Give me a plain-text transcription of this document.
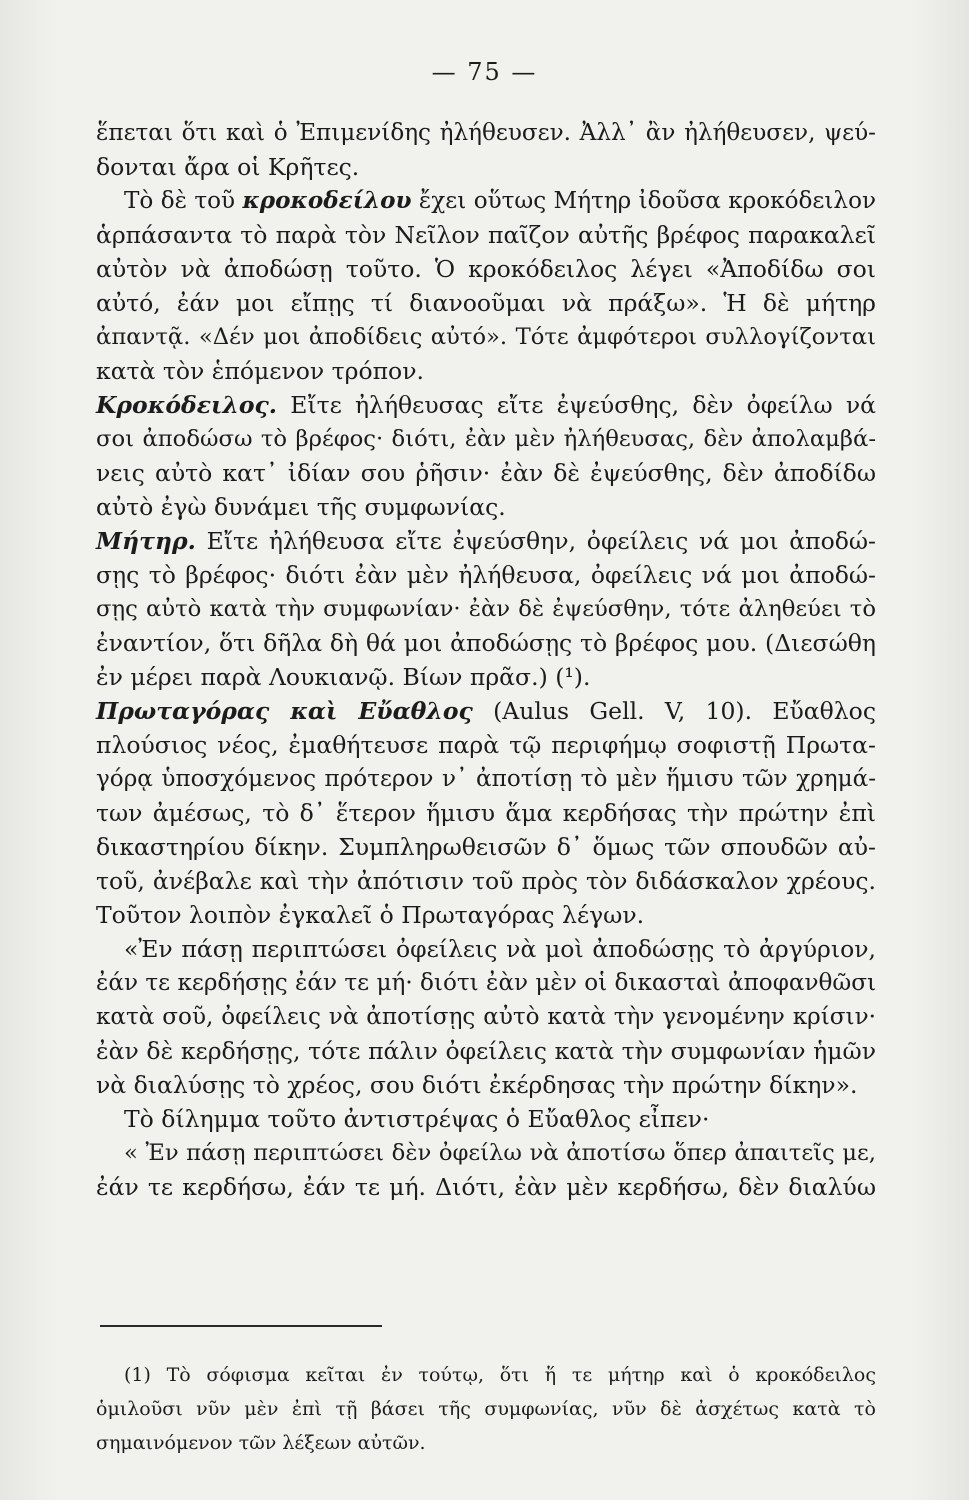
— 75 —
ἕπεται ὅτι καὶ ὁ Ἐπιμενίδης ἠλήθευσεν. Ἀλλ᾽ ἂν ἠλήθευσεν, ψεύ-
δονται ἄρα οἱ Κρῆτες.
Τὸ δὲ τοῦ κροκοδείλου ἔχει οὕτως Μήτηρ ἰδοῦσα κροκόδειλον
ἁρπάσαντα τὸ παρὰ τὸν Νεῖλον παῖζον αὐτῆς βρέφος παρακαλεῖ
αὐτὸν νὰ ἀποδώσῃ τοῦτο. Ὁ κροκόδειλος λέγει «Ἀποδίδω σοι
αὐτό, ἐάν μοι εἴπῃς τί διανοοῦμαι νὰ πράξω». Ἡ δὲ μήτηρ
ἀπαντᾷ. «Δέν μοι ἀποδίδεις αὐτό». Τότε ἀμφότεροι συλλογίζονται
κατὰ τὸν ἑπόμενον τρόπον.
Κροκόδειλος. Εἴτε ἠλήθευσας εἴτε ἐψεύσθης, δὲν ὀφείλω νά
σοι ἀποδώσω τὸ βρέφος· διότι, ἐὰν μὲν ἠλήθευσας, δὲν ἀπολαμβά-
νεις αὐτὸ κατ᾽ ἰδίαν σου ῥῆσιν· ἐὰν δὲ ἐψεύσθης, δὲν ἀποδίδω
αὐτὸ ἐγὼ δυνάμει τῆς συμφωνίας.
Μήτηρ. Εἴτε ἠλήθευσα εἴτε ἐψεύσθην, ὀφείλεις νά μοι ἀποδώ-
σῃς τὸ βρέφος· διότι ἐὰν μὲν ἠλήθευσα, ὀφείλεις νά μοι ἀποδώ-
σῃς αὐτὸ κατὰ τὴν συμφωνίαν· ἐὰν δὲ ἐψεύσθην, τότε ἀληθεύει τὸ
ἐναντίον, ὅτι δῆλα δὴ θά μοι ἀποδώσῃς τὸ βρέφος μου. (Διεσώθη
ἐν μέρει παρὰ Λουκιανῷ. Βίων πρᾶσ.) (¹).
Πρωταγόρας καὶ Εὔαθλος (Aulus Gell. V, 10). Εὔαθλος
πλούσιος νέος, ἐμαθήτευσε παρὰ τῷ περιφήμῳ σοφιστῇ Πρωτα-
γόρᾳ ὑποσχόμενος πρότερον ν᾽ ἀποτίσῃ τὸ μὲν ἥμισυ τῶν χρημά-
των ἀμέσως, τὸ δ᾽ ἕτερον ἥμισυ ἅμα κερδήσας τὴν πρώτην ἐπὶ
δικαστηρίου δίκην. Συμπληρωθεισῶν δ᾽ ὅμως τῶν σπουδῶν αὐ-
τοῦ, ἀνέβαλε καὶ τὴν ἀπότισιν τοῦ πρὸς τὸν διδάσκαλον χρέους.
Τοῦτον λοιπὸν ἐγκαλεῖ ὁ Πρωταγόρας λέγων.
«Ἐν πάσῃ περιπτώσει ὀφείλεις νὰ μοὶ ἀποδώσῃς τὸ ἀργύριον,
ἐάν τε κερδήσῃς ἐάν τε μή· διότι ἐὰν μὲν οἱ δικασταὶ ἀποφανθῶσι
κατὰ σοῦ, ὀφείλεις νὰ ἀποτίσῃς αὐτὸ κατὰ τὴν γενομένην κρίσιν·
ἐὰν δὲ κερδήσῃς, τότε πάλιν ὀφείλεις κατὰ τὴν συμφωνίαν ἡμῶν
νὰ διαλύσῃς τὸ χρέος, σου διότι ἐκέρδησας τὴν πρώτην δίκην».
Τὸ δίλημμα τοῦτο ἀντιστρέψας ὁ Εὔαθλος εἶπεν·
« Ἐν πάσῃ περιπτώσει δὲν ὀφείλω νὰ ἀποτίσω ὅπερ ἀπαιτεῖς με,
ἐάν τε κερδήσω, ἐάν τε μή. Διότι, ἐὰν μὲν κερδήσω, δὲν διαλύω
(1) Τὸ σόφισμα κεῖται ἐν τούτῳ, ὅτι ἥ τε μήτηρ καὶ ὁ κροκόδειλος
ὁμιλοῦσι νῦν μὲν ἐπὶ τῇ βάσει τῆς συμφωνίας, νῦν δὲ ἀσχέτως κατὰ τὸ
σημαινόμενον τῶν λέξεων αὐτῶν.
